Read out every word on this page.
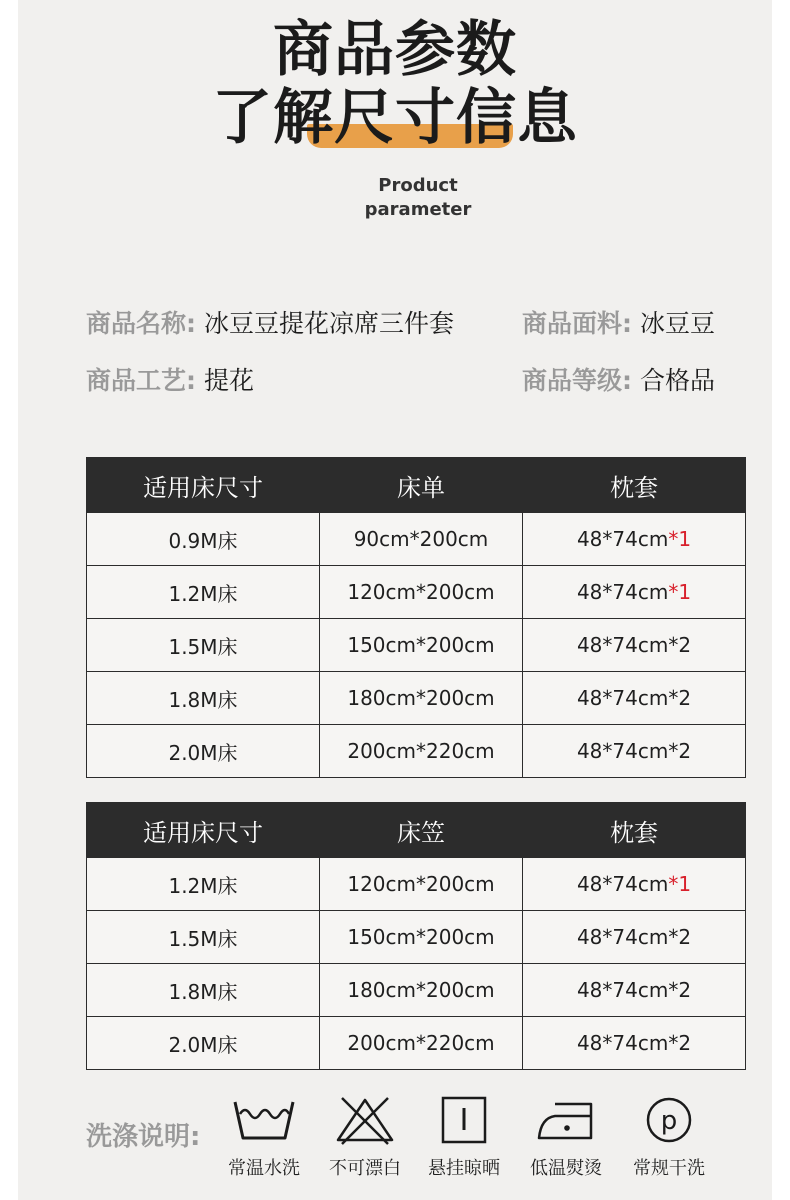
商品参数
了解尺寸信息
Product
parameter
商品名称: 冰豆豆提花凉席三件套	商品面料: 冰豆豆
商品工艺: 提花	商品等级: 合格品
适用床尺寸	床单	枕套
0.9M床	90cm*200cm	48*74cm*1
1.2M床	120cm*200cm	48*74cm*1
1.5M床	150cm*200cm	48*74cm*2
1.8M床	180cm*200cm	48*74cm*2
2.0M床	200cm*220cm	48*74cm*2
适用床尺寸	床笠	枕套
1.2M床	120cm*200cm	48*74cm*1
1.5M床	150cm*200cm	48*74cm*2
1.8M床	180cm*200cm	48*74cm*2
2.0M床	200cm*220cm	48*74cm*2
洗涤说明:
常温水洗	不可漂白	悬挂晾晒	低温熨烫
p
常规干洗
